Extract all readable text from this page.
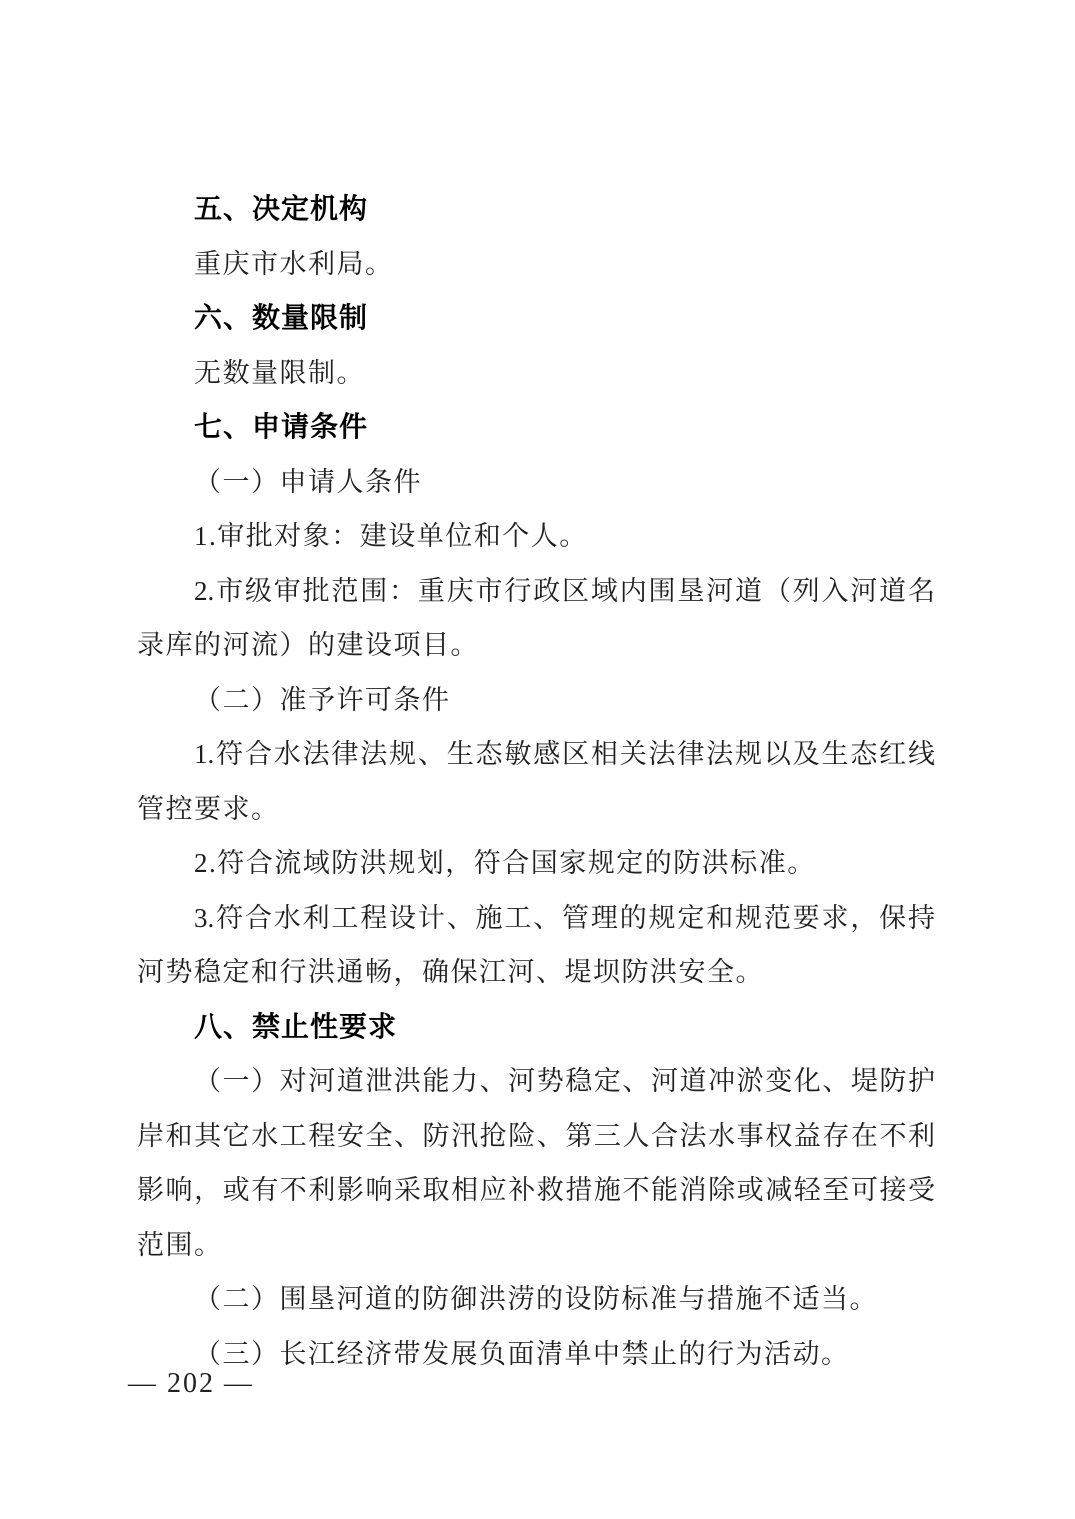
五、决定机构
重庆市水利局。
六、数量限制
无数量限制。
七、申请条件
（一）申请人条件
1.审批对象：建设单位和个人。
2.市级审批范围：重庆市行政区域内围垦河道（列入河道名
录库的河流）的建设项目。
（二）准予许可条件
1.符合水法律法规、生态敏感区相关法律法规以及生态红线
管控要求。
2.符合流域防洪规划，符合国家规定的防洪标准。
3.符合水利工程设计、施工、管理的规定和规范要求，保持
河势稳定和行洪通畅，确保江河、堤坝防洪安全。
八、禁止性要求
（一）对河道泄洪能力、河势稳定、河道冲淤变化、堤防护
岸和其它水工程安全、防汛抢险、第三人合法水事权益存在不利
影响，或有不利影响采取相应补救措施不能消除或减轻至可接受
范围。
（二）围垦河道的防御洪涝的设防标准与措施不适当。
（三）长江经济带发展负面清单中禁止的行为活动。
— 202 —
